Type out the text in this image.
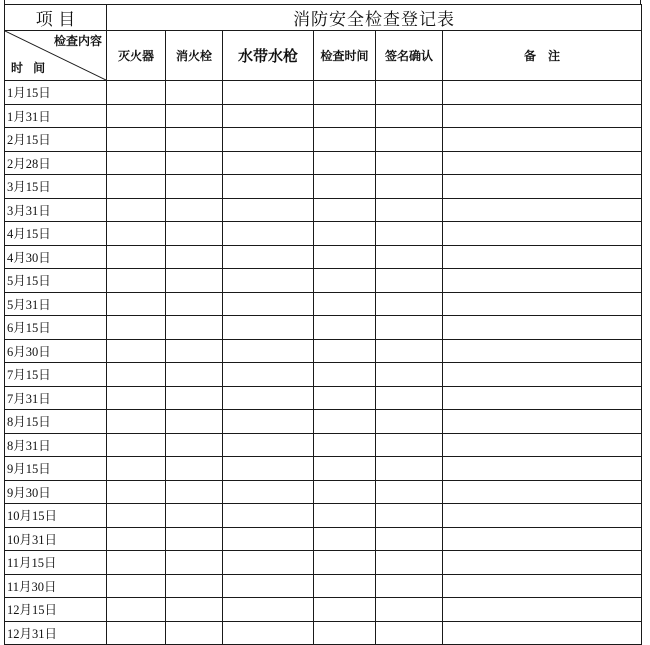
项 目	消防安全检查登记表					

检查内容
时 间	灭火器	消火栓	水带水枪	检查时间	签名确认	备　注
1月15日						
1月31日						
2月15日						
2月28日						
3月15日						
3月31日						
4月15日						
4月30日						
5月15日						
5月31日						
6月15日						
6月30日						
7月15日						
7月31日						
8月15日						
8月31日						
9月15日						
9月30日						
10月15日						
10月31日						
11月15日						
11月30日						
12月15日						
12月31日						
